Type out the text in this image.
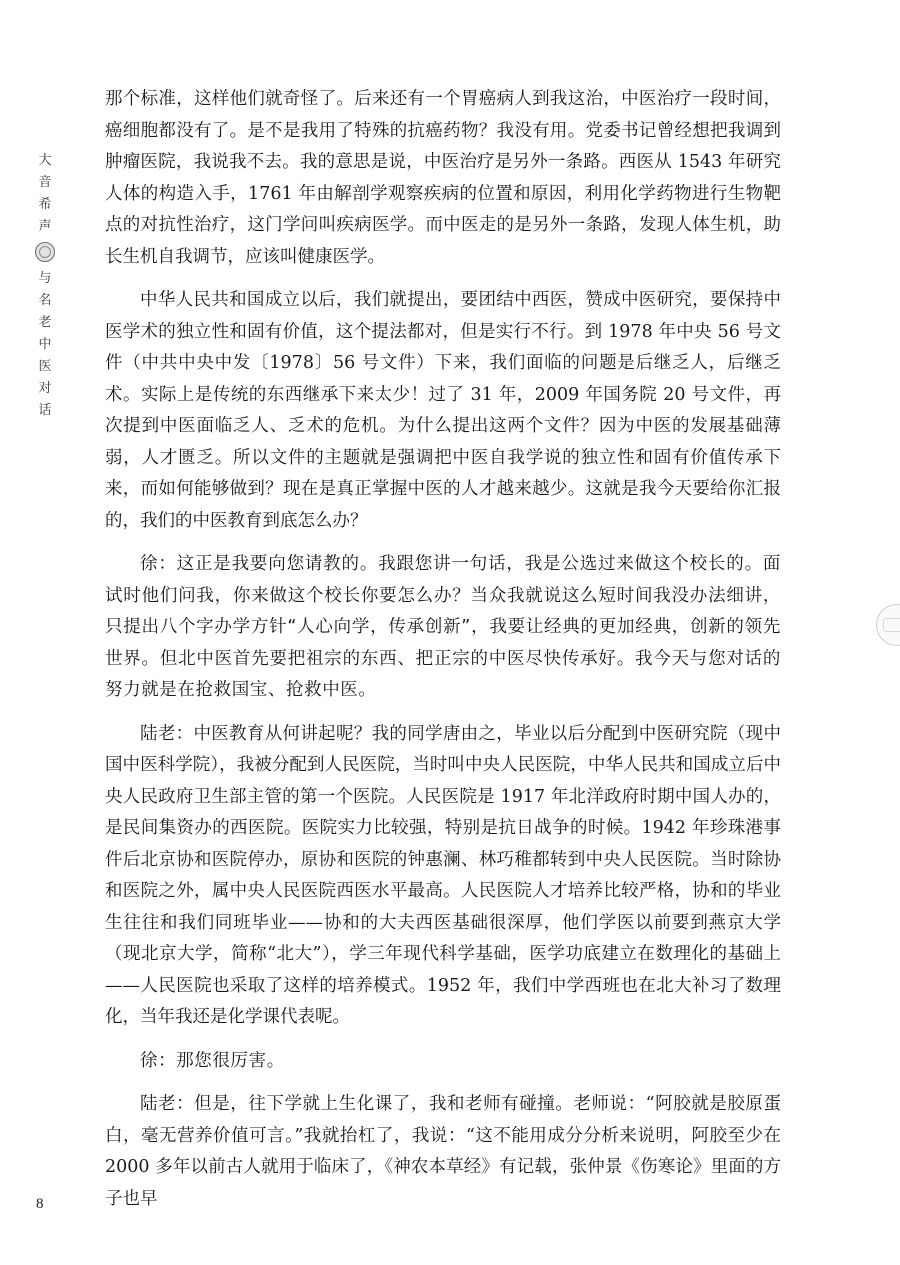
大
音
希
声
与
名
老
中
医
对
话

那个标准，这样他们就奇怪了。后来还有一个胃癌病人到我这治，中医治疗一段时间，癌细胞都没有了。是不是我用了特殊的抗癌药物？我没有用。党委书记曾经想把我调到肿瘤医院，我说我不去。我的意思是说，中医治疗是另外一条路。西医从 1543 年研究人体的构造入手，1761 年由解剖学观察疾病的位置和原因，利用化学药物进行生物靶点的对抗性治疗，这门学问叫疾病医学。而中医走的是另外一条路，发现人体生机，助长生机自我调节，应该叫健康医学。

中华人民共和国成立以后，我们就提出，要团结中西医，赞成中医研究，要保持中医学术的独立性和固有价值，这个提法都对，但是实行不行。到 1978 年中央 56 号文件（中共中央中发〔1978〕56 号文件）下来，我们面临的问题是后继乏人，后继乏术。实际上是传统的东西继承下来太少！过了 31 年，2009 年国务院 20 号文件，再次提到中医面临乏人、乏术的危机。为什么提出这两个文件？因为中医的发展基础薄弱，人才匮乏。所以文件的主题就是强调把中医自我学说的独立性和固有价值传承下来，而如何能够做到？现在是真正掌握中医的人才越来越少。这就是我今天要给你汇报的，我们的中医教育到底怎么办？

徐：这正是我要向您请教的。我跟您讲一句话，我是公选过来做这个校长的。面试时他们问我，你来做这个校长你要怎么办？当众我就说这么短时间我没办法细讲，只提出八个字办学方针“人心向学，传承创新”，我要让经典的更加经典，创新的领先世界。但北中医首先要把祖宗的东西、把正宗的中医尽快传承好。我今天与您对话的努力就是在抢救国宝、抢救中医。

陆老：中医教育从何讲起呢？我的同学唐由之，毕业以后分配到中医研究院（现中国中医科学院），我被分配到人民医院，当时叫中央人民医院，中华人民共和国成立后中央人民政府卫生部主管的第一个医院。人民医院是 1917 年北洋政府时期中国人办的，是民间集资办的西医院。医院实力比较强，特别是抗日战争的时候。1942 年珍珠港事件后北京协和医院停办，原协和医院的钟惠澜、林巧稚都转到中央人民医院。当时除协和医院之外，属中央人民医院西医水平最高。人民医院人才培养比较严格，协和的毕业生往往和我们同班毕业——协和的大夫西医基础很深厚，他们学医以前要到燕京大学（现北京大学，简称“北大”），学三年现代科学基础，医学功底建立在数理化的基础上——人民医院也采取了这样的培养模式。1952 年，我们中学西班也在北大补习了数理化，当年我还是化学课代表呢。

徐：那您很厉害。

陆老：但是，往下学就上生化课了，我和老师有碰撞。老师说：“阿胶就是胶原蛋白，毫无营养价值可言。”我就抬杠了，我说：“这不能用成分分析来说明，阿胶至少在 2000 多年以前古人就用于临床了，《神农本草经》有记载，张仲景《伤寒论》里面的方子也早

8
